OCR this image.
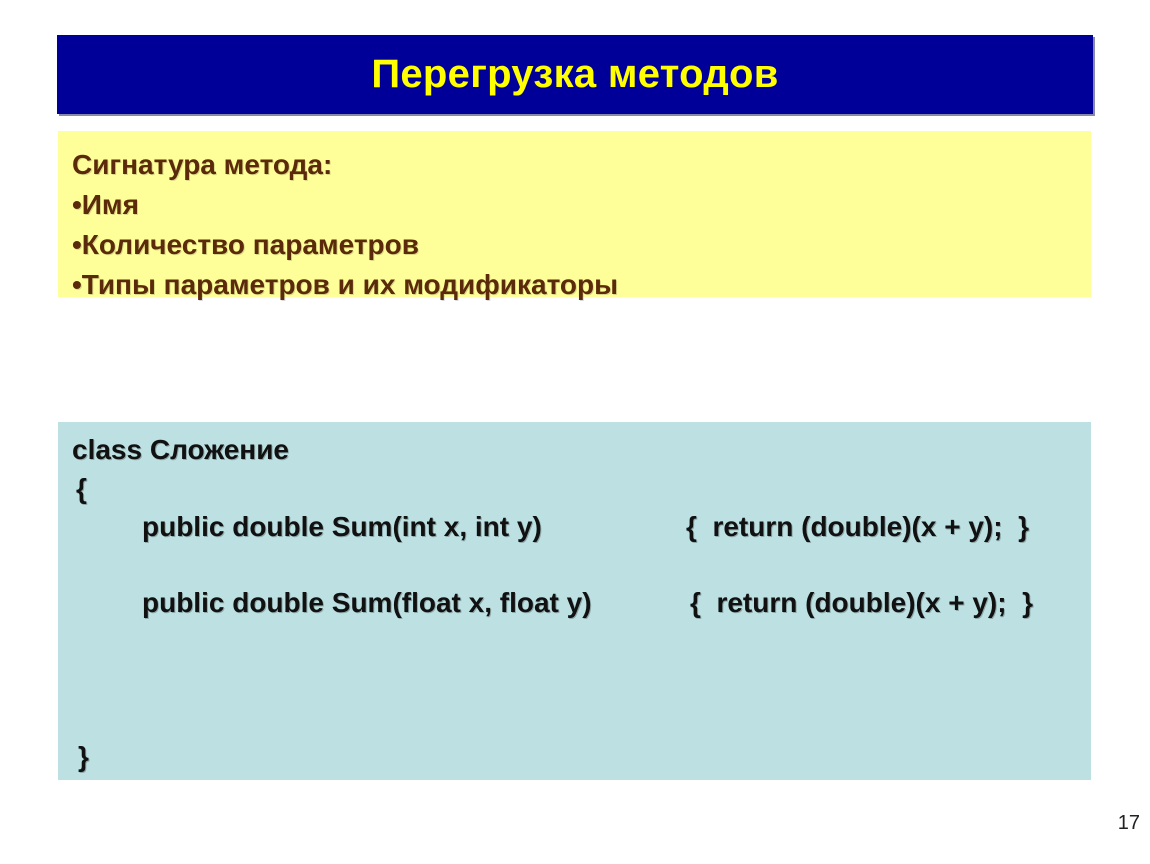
Перегрузка методов
Сигнатура метода:
•Имя
•Количество параметров
•Типы параметров и их модификаторы
class Сложение
{
public double Sum(int x, int y)	{  return (double)(x + y);  }
public double Sum(float x, float y)	{  return (double)(x + y);  }
}
17
